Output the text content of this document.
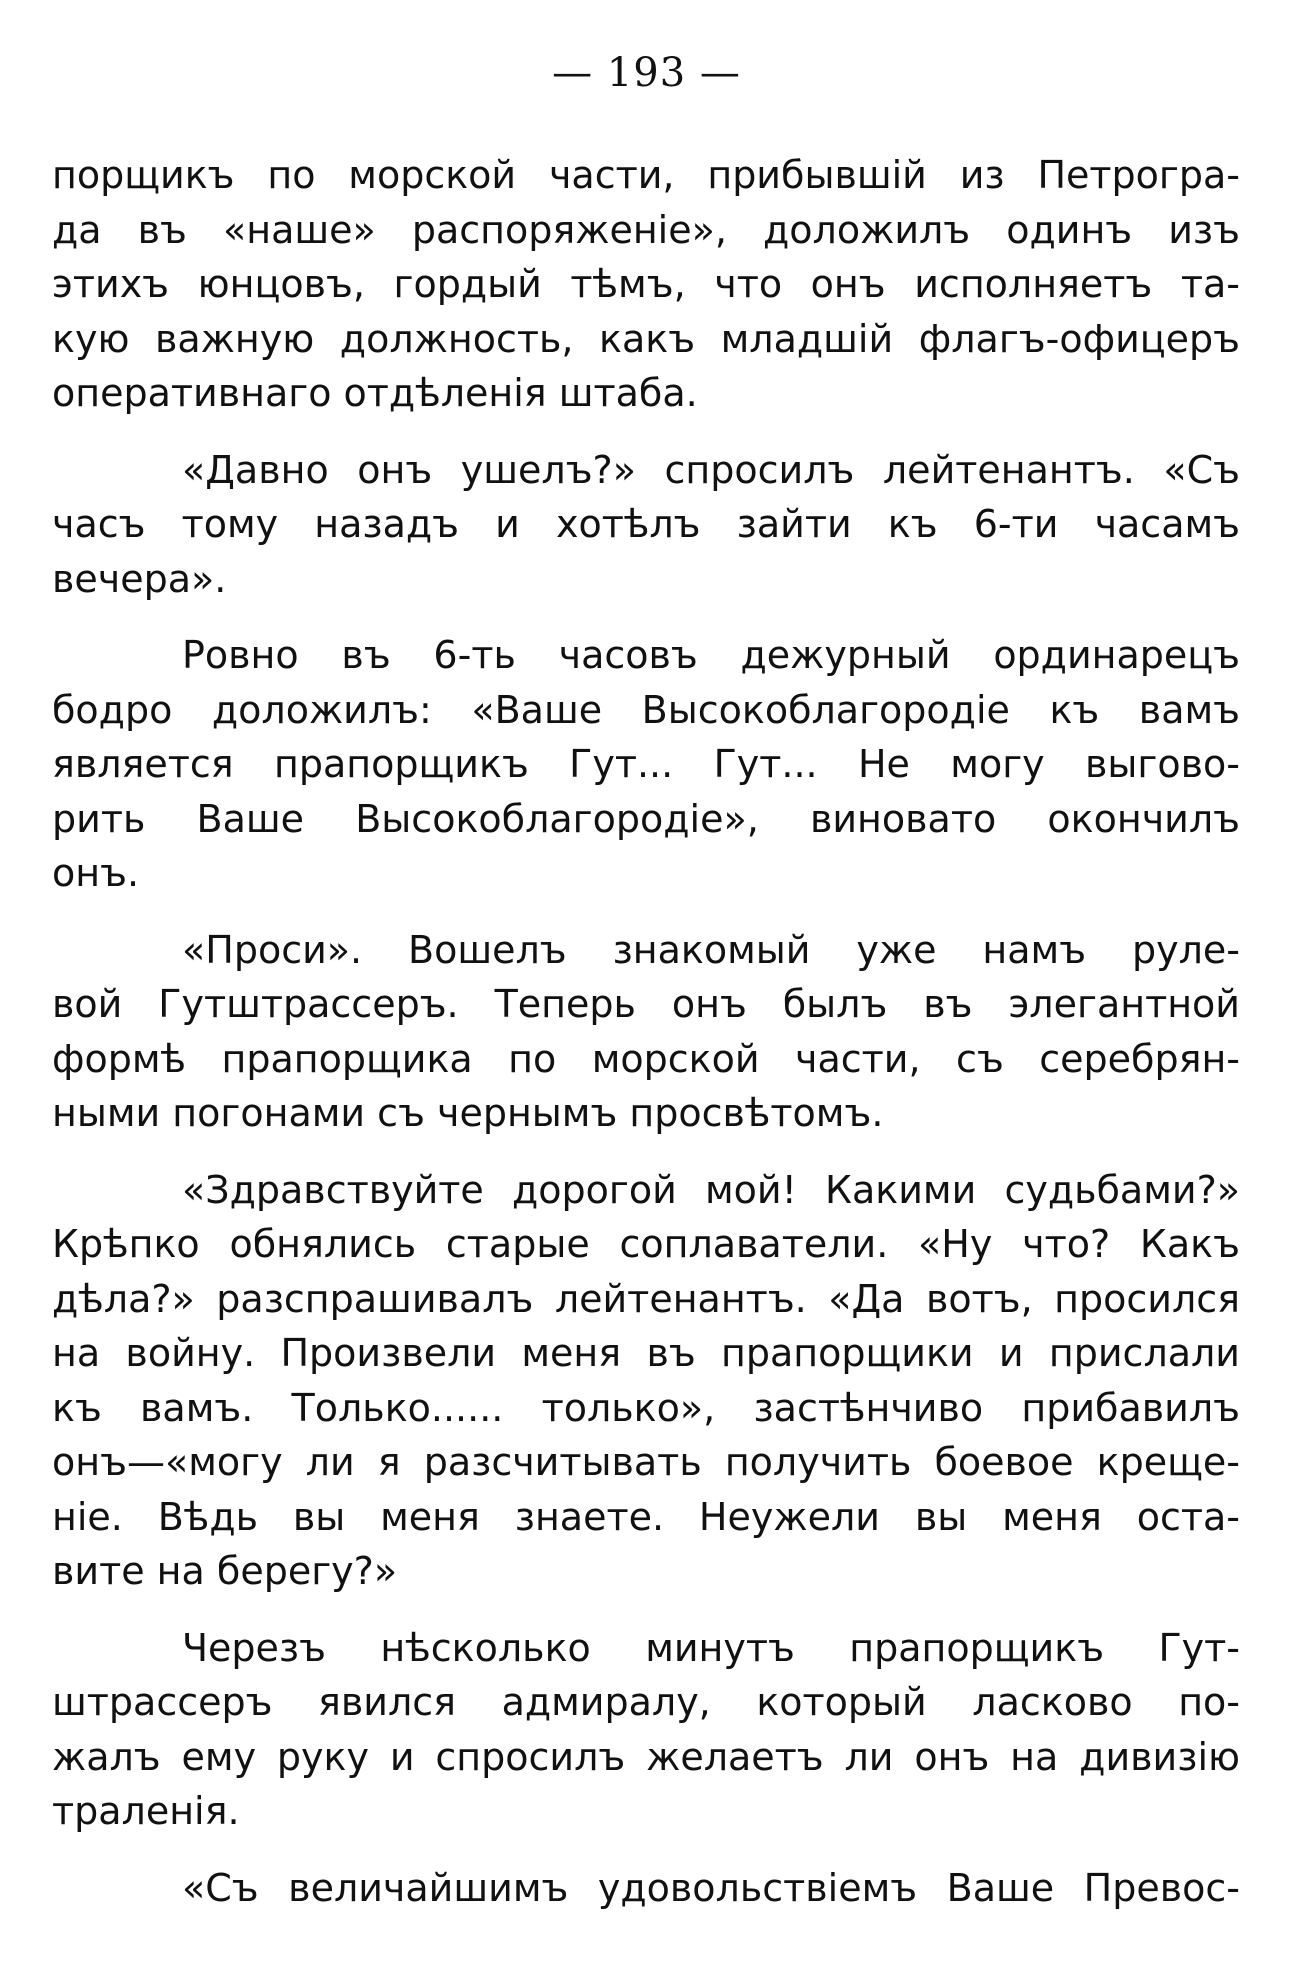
— 193 —
порщикъ по морской части, прибывшій из Петрогра-
да въ «наше» распоряженіе», доложилъ одинъ изъ
этихъ юнцовъ, гордый тѣмъ, что онъ исполняетъ та-
кую важную должность, какъ младшій флагъ-офицеръ
оперативнаго отдѣленія штаба.
«Давно онъ ушелъ?» спросилъ лейтенантъ. «Съ
часъ тому назадъ и хотѣлъ зайти къ 6-ти часамъ
вечера».
Ровно въ 6-ть часовъ дежурный ординарецъ
бодро доложилъ: «Ваше Высокоблагородіе къ вамъ
является прапорщикъ Гут... Гут... Не могу выгово-
рить Ваше Высокоблагородіе», виновато окончилъ
онъ.
«Проси». Вошелъ знакомый уже намъ руле-
вой Гутштрассеръ. Теперь онъ былъ въ элегантной
формѣ прапорщика по морской части, съ серебрян-
ными погонами съ чернымъ просвѣтомъ.
«Здравствуйте дорогой мой! Какими судьбами?»
Крѣпко обнялись старые соплаватели. «Ну что? Какъ
дѣла?» разспрашивалъ лейтенантъ. «Да вотъ, просился
на войну. Произвели меня въ прапорщики и прислали
къ вамъ. Только...... только», застѣнчиво прибавилъ
онъ—«могу ли я разсчитывать получить боевое креще-
ніе. Вѣдь вы меня знаете. Неужели вы меня оста-
вите на берегу?»
Черезъ нѣсколько минутъ прапорщикъ Гут-
штрассеръ явился адмиралу, который ласково по-
жалъ ему руку и спросилъ желаетъ ли онъ на дивизію
траленія.
«Съ величайшимъ удовольствіемъ Ваше Превос-
